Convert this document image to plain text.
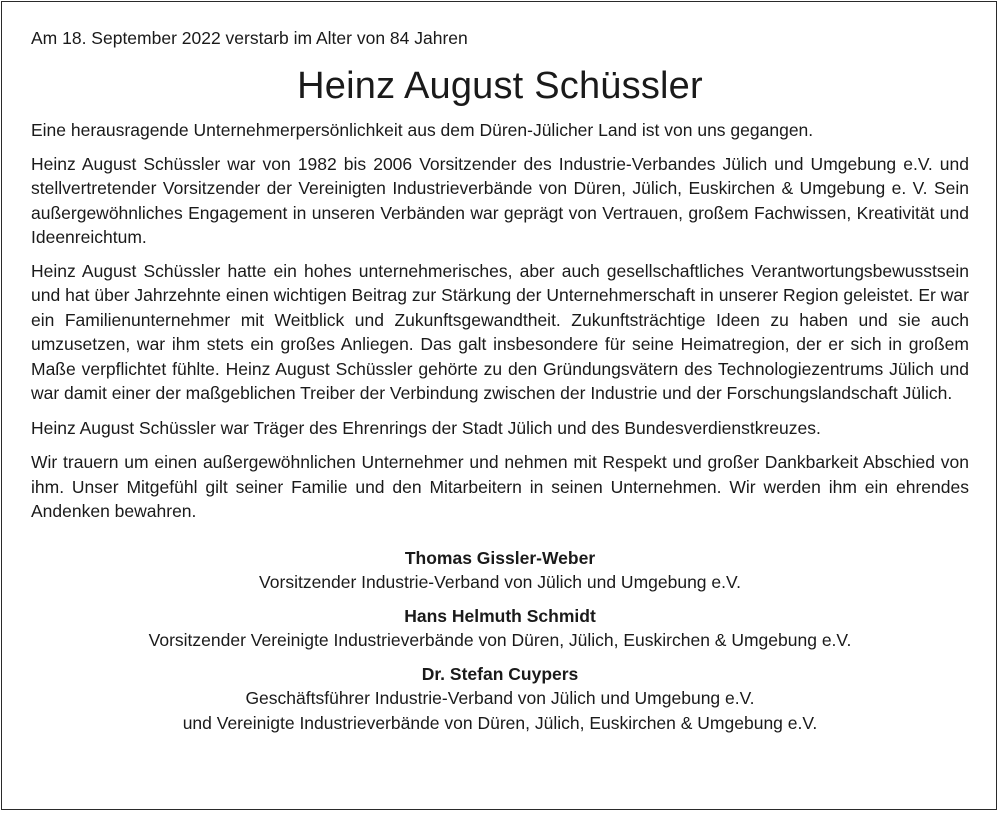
Am 18. September 2022 verstarb im Alter von 84 Jahren

Heinz August Schüssler

Eine herausragende Unternehmerpersönlichkeit aus dem Düren-Jülicher Land ist von uns gegangen.

Heinz August Schüssler war von 1982 bis 2006 Vorsitzender des Industrie-Verbandes Jülich und Umgebung e.V. und stellvertretender Vorsitzender der Vereinigten Industrieverbände von Düren, Jülich, Euskirchen & Umgebung e. V. Sein außergewöhnliches Engagement in unseren Verbänden war geprägt von Vertrauen, großem Fachwissen, Kreativität und Ideenreichtum.

Heinz August Schüssler hatte ein hohes unternehmerisches, aber auch gesellschaftliches Verantwortungsbewusstsein und hat über Jahrzehnte einen wichtigen Beitrag zur Stärkung der Unternehmerschaft in unserer Region geleistet. Er war ein Familienunternehmer mit Weitblick und Zukunftsgewandtheit. Zukunftsträchtige Ideen zu haben und sie auch umzusetzen, war ihm stets ein großes Anliegen. Das galt insbesondere für seine Heimatregion, der er sich in großem Maße verpflichtet fühlte. Heinz August Schüssler gehörte zu den Gründungsvätern des Technologiezentrums Jülich und war damit einer der maßgeblichen Treiber der Verbindung zwischen der Industrie und der Forschungslandschaft Jülich.

Heinz August Schüssler war Träger des Ehrenrings der Stadt Jülich und des Bundesverdienstkreuzes.

Wir trauern um einen außergewöhnlichen Unternehmer und nehmen mit Respekt und großer Dankbarkeit Abschied von ihm. Unser Mitgefühl gilt seiner Familie und den Mitarbeitern in seinen Unternehmen. Wir werden ihm ein ehrendes Andenken bewahren.

Thomas Gissler-Weber
Vorsitzender Industrie-Verband von Jülich und Umgebung e.V.
Hans Helmuth Schmidt
Vorsitzender Vereinigte Industrieverbände von Düren, Jülich, Euskirchen & Umgebung e.V.
Dr. Stefan Cuypers
Geschäftsführer Industrie-Verband von Jülich und Umgebung e.V.
und Vereinigte Industrieverbände von Düren, Jülich, Euskirchen & Umgebung e.V.
